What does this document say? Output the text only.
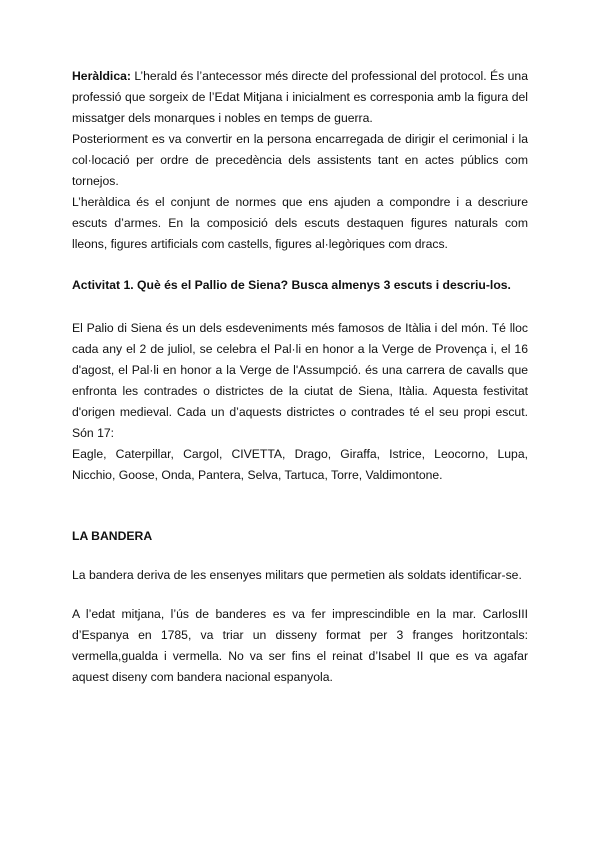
Heràldica: L’herald és l’antecessor més directe del professional del protocol. És una professió que sorgeix de l’Edat Mitjana i inicialment es corresponia amb la figura del missatger dels monarques i nobles en temps de guerra.

Posteriorment es va convertir en la persona encarregada de dirigir el cerimonial i la col·locació per ordre de precedència dels assistents tant en actes públics com tornejos.

L’heràldica és el conjunt de normes que ens ajuden a compondre i a descriure escuts d’armes. En la composició dels escuts destaquen figures naturals com lleons, figures artificials com castells, figures al·legòriques com dracs.

Activitat 1. Què és el Pallio de Siena? Busca almenys 3 escuts i descriu-los.

El Palio di Siena és un dels esdeveniments més famosos de Itàlia i del món. Té lloc cada any el 2 de juliol, se celebra el Pal·li en honor a la Verge de Provença i, el 16 d'agost, el Pal·li en honor a la Verge de l'Assumpció. és una carrera de cavalls que enfronta les contrades o districtes de la ciutat de Siena, Itàlia. Aquesta festivitat d'origen medieval. Cada un d’aquests districtes o contrades té el seu propi escut. Són 17:

Eagle, Caterpillar, Cargol, CIVETTA, Drago, Giraffa, Istrice, Leocorno, Lupa, Nicchio, Goose, Onda, Pantera, Selva, Tartuca, Torre, Valdimontone.

LA BANDERA

La bandera deriva de les ensenyes militars que permetien als soldats identificar-se.

A l’edat mitjana, l’ús de banderes es va fer imprescindible en la mar. CarlosIII d’Espanya en 1785, va triar un disseny format per 3 franges horitzontals: vermella,gualda i vermella. No va ser fins el reinat d’Isabel II que es va agafar aquest diseny com bandera nacional espanyola.
